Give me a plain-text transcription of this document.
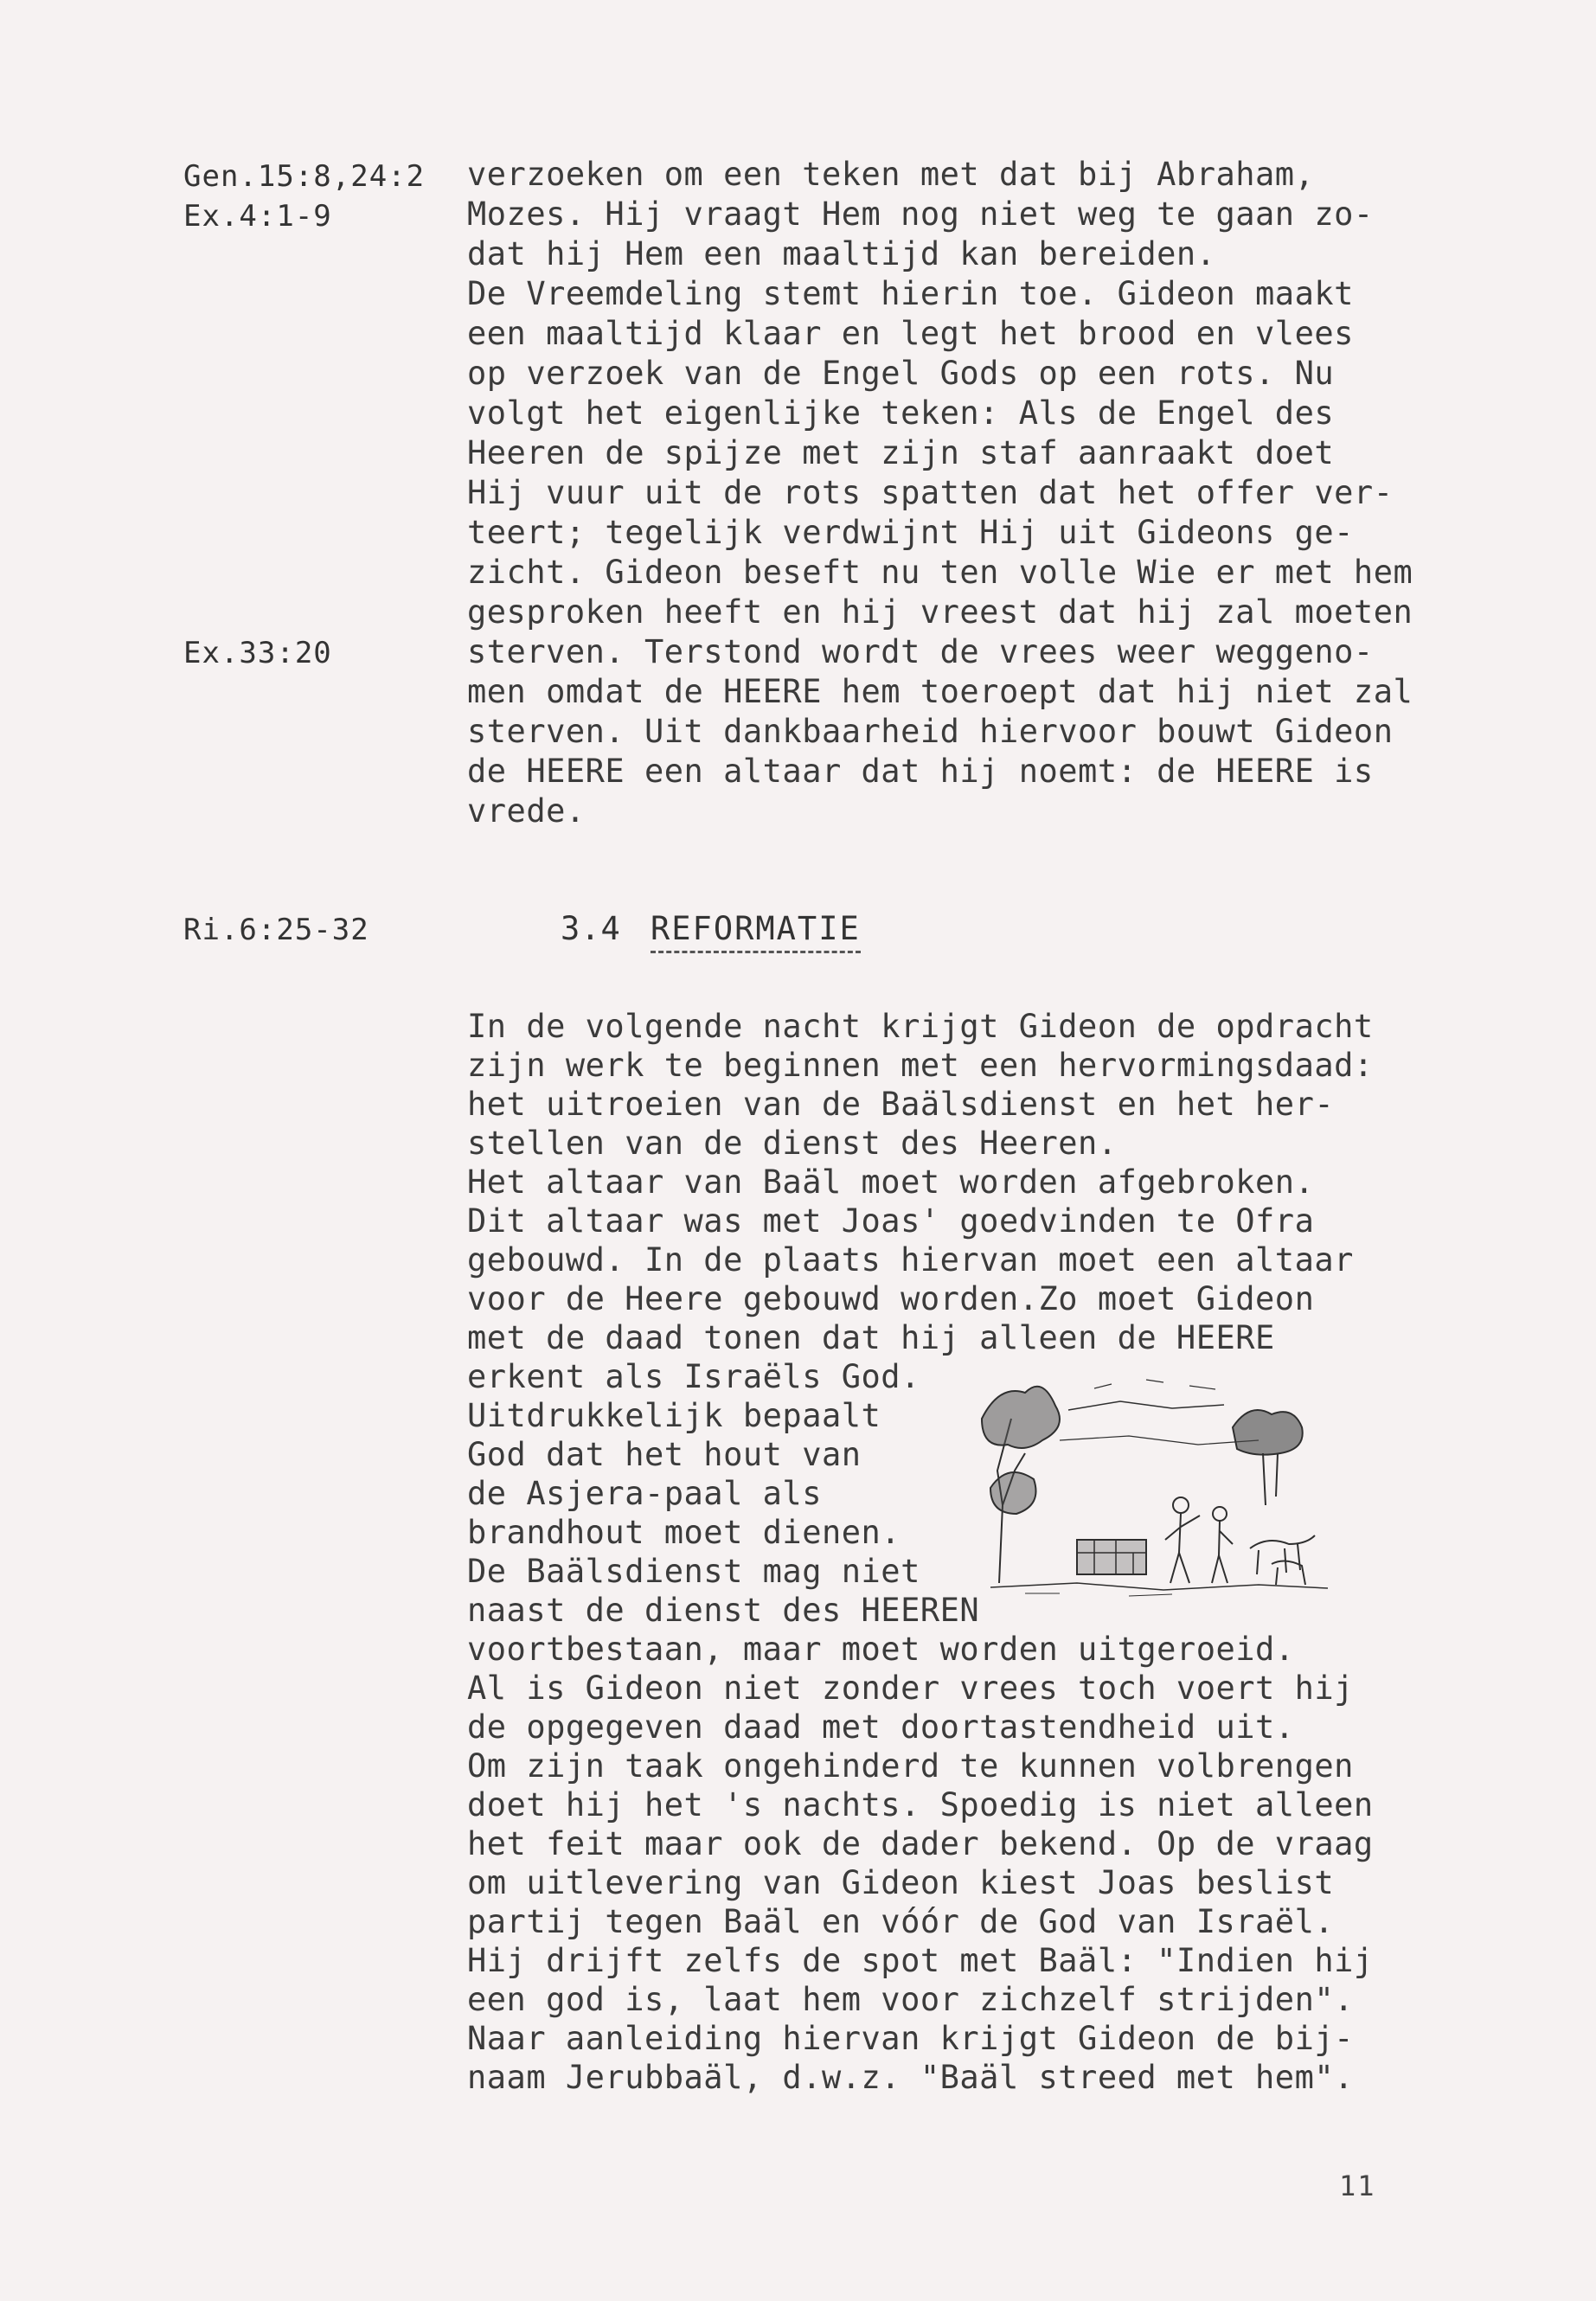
Gen.15:8,24:2
Ex.4:1-9
Ex.33:20
Ri.6:25-32
verzoeken om een teken met dat bij Abraham,
Mozes. Hij vraagt Hem nog niet weg te gaan zo-
dat hij Hem een maaltijd kan bereiden.
De Vreemdeling stemt hierin toe. Gideon maakt
een maaltijd klaar en legt het brood en vlees
op verzoek van de Engel Gods op een rots. Nu
volgt het eigenlijke teken: Als de Engel des
Heeren de spijze met zijn staf aanraakt doet
Hij vuur uit de rots spatten dat het offer ver-
teert; tegelijk verdwijnt Hij uit Gideons ge-
zicht. Gideon beseft nu ten volle Wie er met hem
gesproken heeft en hij vreest dat hij zal moeten
sterven. Terstond wordt de vrees weer weggeno-
men omdat de HEERE hem toeroept dat hij niet zal
sterven. Uit dankbaarheid hiervoor bouwt Gideon
de HEERE een altaar dat hij noemt: de HEERE is
vrede.
3.4 REFORMATIE
In de volgende nacht krijgt Gideon de opdracht
zijn werk te beginnen met een hervormingsdaad:
het uitroeien van de Baälsdienst en het her-
stellen van de dienst des Heeren.
Het altaar van Baäl moet worden afgebroken.
Dit altaar was met Joas' goedvinden te Ofra
gebouwd. In de plaats hiervan moet een altaar
voor de Heere gebouwd worden.Zo moet Gideon
met de daad tonen dat hij alleen de HEERE
erkent als Israëls God.
Uitdrukkelijk bepaalt
God dat het hout van
de Asjera-paal als
brandhout moet dienen.
De Baälsdienst mag niet
naast de dienst des HEEREN
voortbestaan, maar moet worden uitgeroeid.
Al is Gideon niet zonder vrees toch voert hij
de opgegeven daad met doortastendheid uit.
Om zijn taak ongehinderd te kunnen volbrengen
doet hij het 's nachts. Spoedig is niet alleen
het feit maar ook de dader bekend. Op de vraag
om uitlevering van Gideon kiest Joas beslist
partij tegen Baäl en vóór de God van Israël.
Hij drijft zelfs de spot met Baäl: "Indien hij
een god is, laat hem voor zichzelf strijden".
Naar aanleiding hiervan krijgt Gideon de bij-
naam Jerubbaäl, d.w.z. "Baäl streed met hem".
11
